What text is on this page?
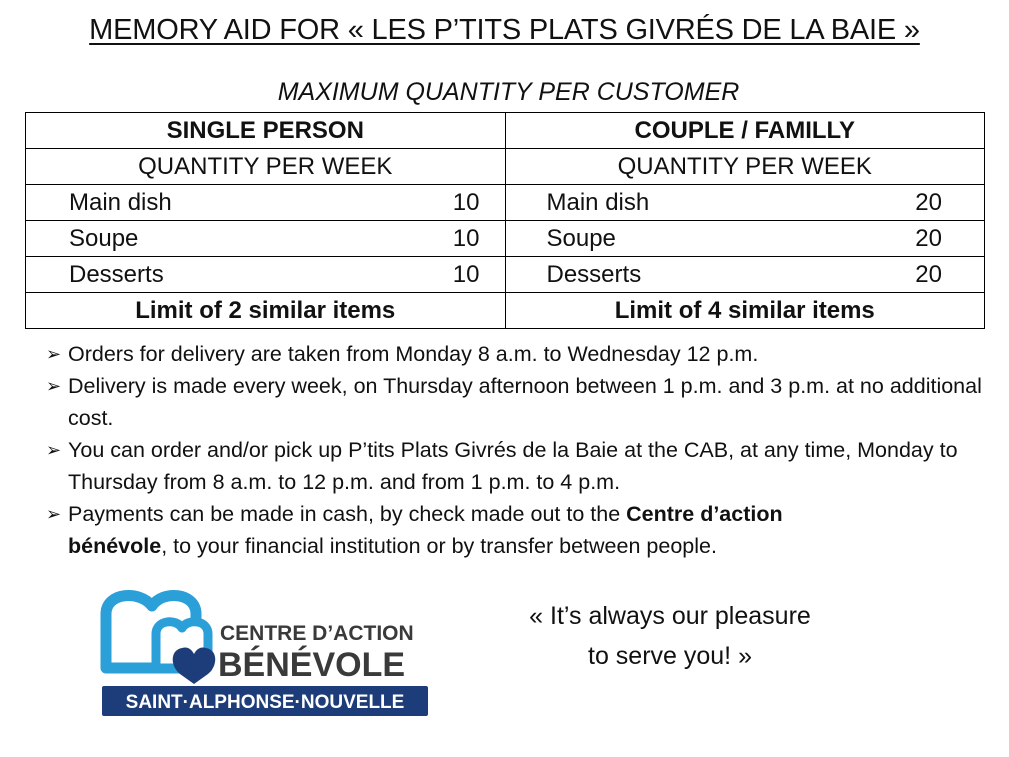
MEMORY AID FOR « LES P’TITS PLATS GIVRÉS DE LA BAIE »
MAXIMUM QUANTITY PER CUSTOMER
SINGLE PERSON	COUPLE / FAMILLY
QUANTITY PER WEEK	QUANTITY PER WEEK

Main dish 10	Main dish 20

Soupe 10	Soupe 20

Desserts 10	Desserts 20

Limit of 2 similar items	Limit of 4 similar items
➢ Orders for delivery are taken from Monday 8 a.m. to Wednesday 12 p.m.
➢ Delivery is made every week, on Thursday afternoon between 1 p.m. and 3 p.m. at no additional cost.
➢ You can order and/or pick up P’tits Plats Givrés de la Baie at the CAB, at any time, Monday to Thursday from 8 a.m. to 12 p.m. and from 1 p.m. to 4 p.m.
➢ Payments can be made in cash, by check made out to the Centre d’action
bénévole, to your financial institution or by transfer between people.
CENTRE D’ACTION
BÉNÉVOLE
SAINT·ALPHONSE·NOUVELLE
« It’s always our pleasure
to serve you! »
